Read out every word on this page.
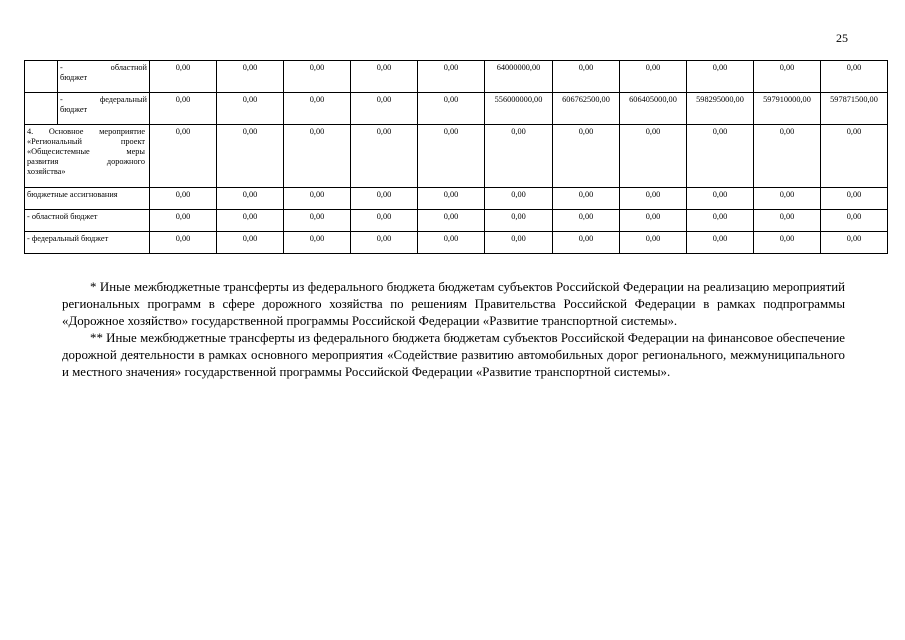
25

	- областной
бюджет	0,00	0,00	0,00	0,00	0,00	64000000,00	0,00	0,00	0,00	0,00	0,00

	- федеральный
бюджет	0,00	0,00	0,00	0,00	0,00	556000000,00	606762500,00	606405000,00	598295000,00	597910000,00	597871500,00

4. Основное мероприятие
«Региональный проект
«Общесистемные меры
развития дорожного
хозяйства»		0,00	0,00	0,00	0,00	0,00	0,00	0,00	0,00	0,00	0,00	0,00
бюджетные ассигнования		0,00	0,00	0,00	0,00	0,00	0,00	0,00	0,00	0,00	0,00	0,00
- областной бюджет		0,00	0,00	0,00	0,00	0,00	0,00	0,00	0,00	0,00	0,00	0,00
- федеральный бюджет		0,00	0,00	0,00	0,00	0,00	0,00	0,00	0,00	0,00	0,00	0,00

* Иные межбюджетные трансферты из федерального бюджета бюджетам субъектов Российской Федерации на реализацию мероприятий региональных программ в сфере дорожного хозяйства по решениям Правительства Российской Федерации в рамках подпрограммы «Дорожное хозяйство» государственной программы Российской Федерации «Развитие транспортной системы».

** Иные межбюджетные трансферты из федерального бюджета бюджетам субъектов Российской Федерации на финансовое обеспечение дорожной деятельности в рамках основного мероприятия «Содействие развитию автомобильных дорог регионального, межмуниципального и местного значения» государственной программы Российской Федерации «Развитие транспортной системы».
